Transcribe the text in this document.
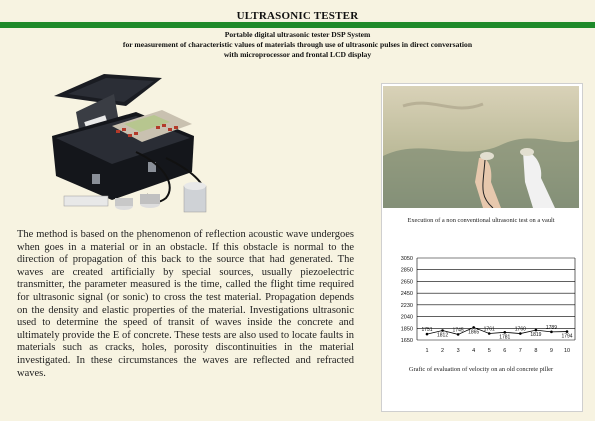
ULTRASONIC TESTER
Portable digital ultrasonic tester DSP System
for measurement of characteristic values of materials through use of ultrasonic pulses in direct conversation
with microprocessor and frontal LCD display
The method is based on the phenomenon of reflection acoustic wave undergoes when goes in a material or in an obstacle. If this obstacle is normal to the direction of propagation of this back to the source that had generated. The waves are created artificially by special sources, usually piezoelectric transmitter, the parameter measured is the time, called the flight time required for ultrasonic signal (or sonic) to cross the test material. Propagation depends on the density and elastic properties of the material. Investigations ultrasonic used to determine the speed of transit of waves inside the concrete and ultimately provide the E of concrete. These tests are also used to locate faults in materials such as cracks, holes, porosity discontinuities in the material investigated. In these circumstances the waves are reflected and refracted waves.
Execution of a non conventional ultrasonic test on a vault
1650
1850
2040
2230
2450
2650
2850
3050
1751
1812
1745 1865 1761
1781
1760
1819
1789
1794
1 2 3 4 5 6 7 8 9 10
Grafic of evaluation of velocity on an old concrete piller
